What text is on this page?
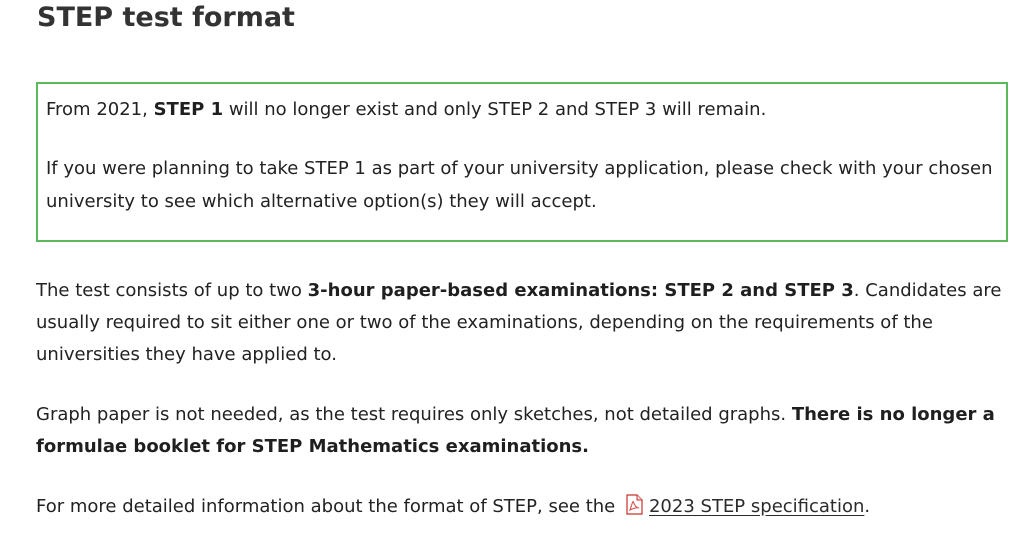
STEP test format

From 2021, STEP 1 will no longer exist and only STEP 2 and STEP 3 will remain.

If you were planning to take STEP 1 as part of your university application, please check with your chosen university to see which alternative option(s) they will accept.

The test consists of up to two 3-hour paper-based examinations: STEP 2 and STEP 3. Candidates are usually required to sit either one or two of the examinations, depending on the requirements of the universities they have applied to.

Graph paper is not needed, as the test requires only sketches, not detailed graphs. There is no longer a formulae booklet for STEP Mathematics examinations.

For more detailed information about the format of STEP, see the
2023 STEP specification.
